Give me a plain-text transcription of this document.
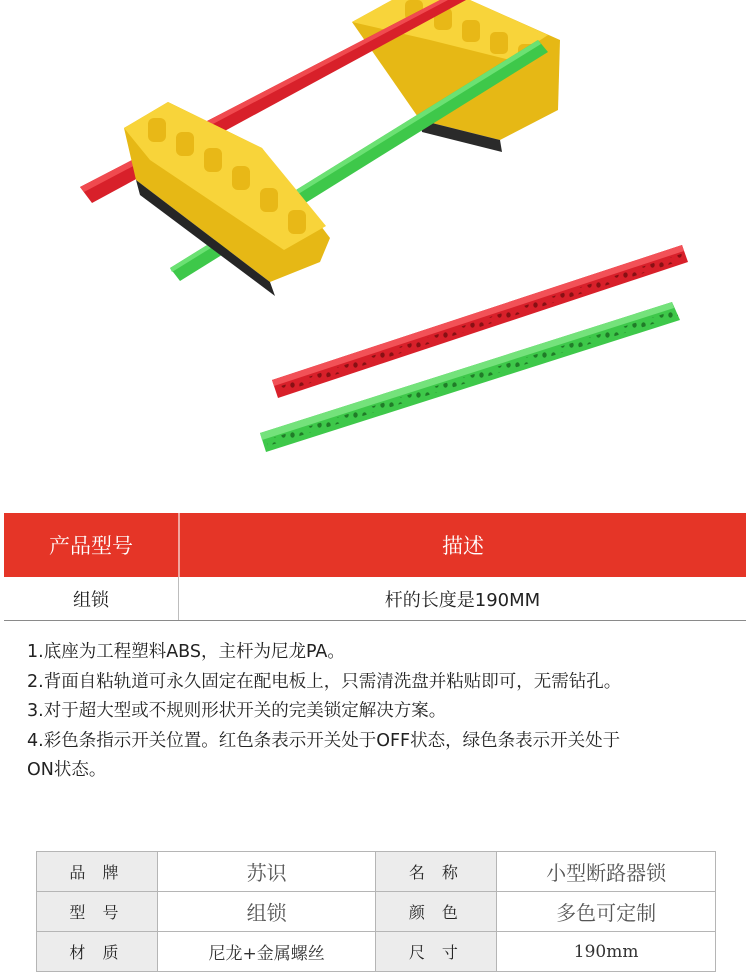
产品型号	描述
组锁	杆的长度是190MM

1.底座为工程塑料ABS，主杆为尼龙PA。

2.背面自粘轨道可永久固定在配电板上，只需清洗盘并粘贴即可，无需钻孔。

3.对于超大型或不规则形状开关的完美锁定解决方案。

4.彩色条指示开关位置。红色条表示开关处于OFF状态，绿色条表示开关处于

ON状态。

品 牌	苏识	名 称	小型断路器锁
型 号	组锁	颜 色	多色可定制
材 质	尼龙+金属螺丝	尺 寸	190mm
